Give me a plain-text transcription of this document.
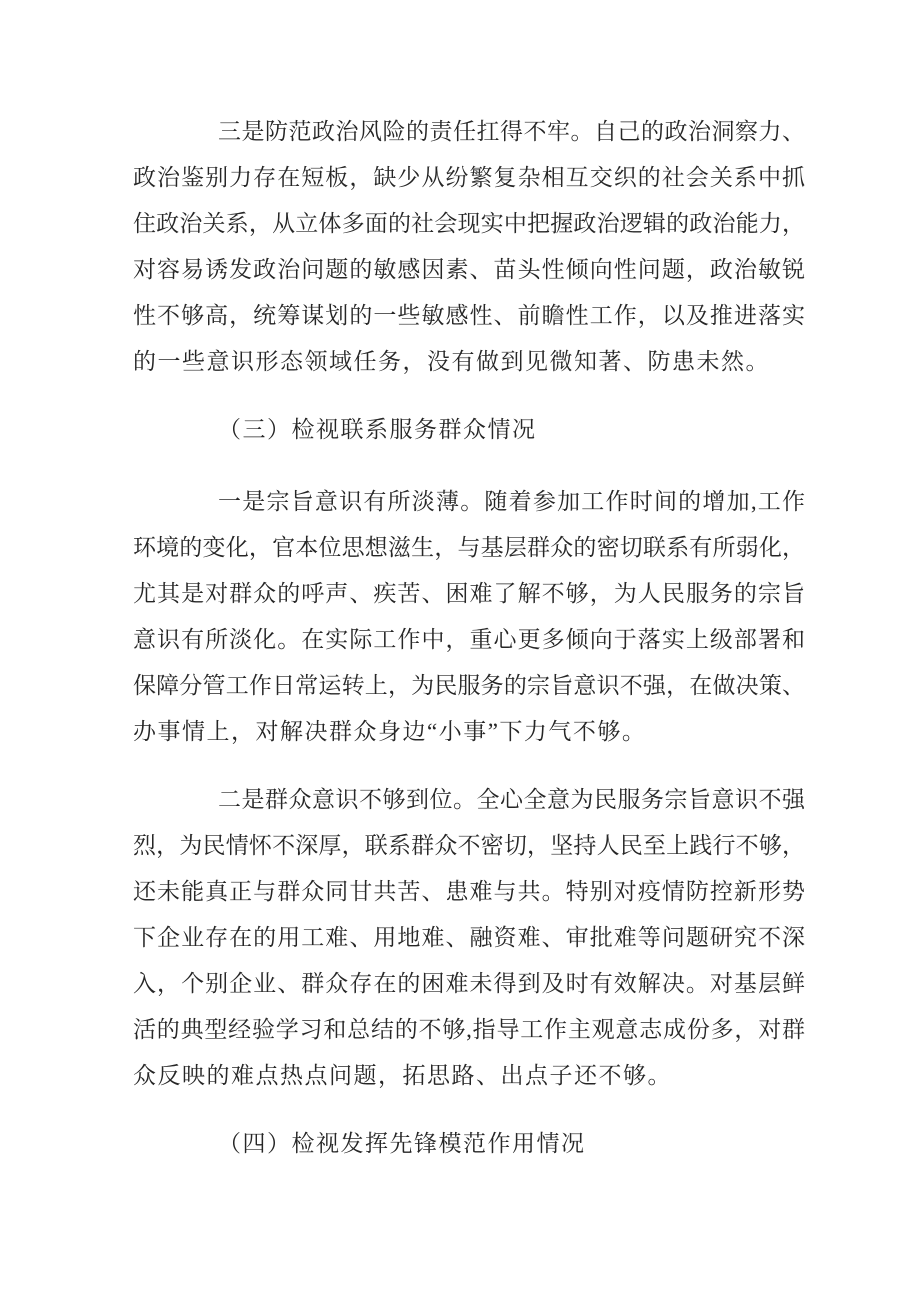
三是防范政治风险的责任扛得不牢。自己的政治洞察力、
政治鉴别力存在短板，缺少从纷繁复杂相互交织的社会关系中抓
住政治关系，从立体多面的社会现实中把握政治逻辑的政治能力，
对容易诱发政治问题的敏感因素、苗头性倾向性问题，政治敏锐
性不够高，统筹谋划的一些敏感性、前瞻性工作，以及推进落实
的一些意识形态领域任务，没有做到见微知著、防患未然。
（三）检视联系服务群众情况
一是宗旨意识有所淡薄。随着参加工作时间的增加,工作
环境的变化，官本位思想滋生，与基层群众的密切联系有所弱化，
尤其是对群众的呼声、疾苦、困难了解不够，为人民服务的宗旨
意识有所淡化。在实际工作中，重心更多倾向于落实上级部署和
保障分管工作日常运转上，为民服务的宗旨意识不强，在做决策、
办事情上，对解决群众身边“小事”下力气不够。
二是群众意识不够到位。全心全意为民服务宗旨意识不强
烈，为民情怀不深厚，联系群众不密切，坚持人民至上践行不够，
还未能真正与群众同甘共苦、患难与共。特别对疫情防控新形势
下企业存在的用工难、用地难、融资难、审批难等问题研究不深
入，个别企业、群众存在的困难未得到及时有效解决。对基层鲜
活的典型经验学习和总结的不够,指导工作主观意志成份多，对群
众反映的难点热点问题，拓思路、出点子还不够。
（四）检视发挥先锋模范作用情况
